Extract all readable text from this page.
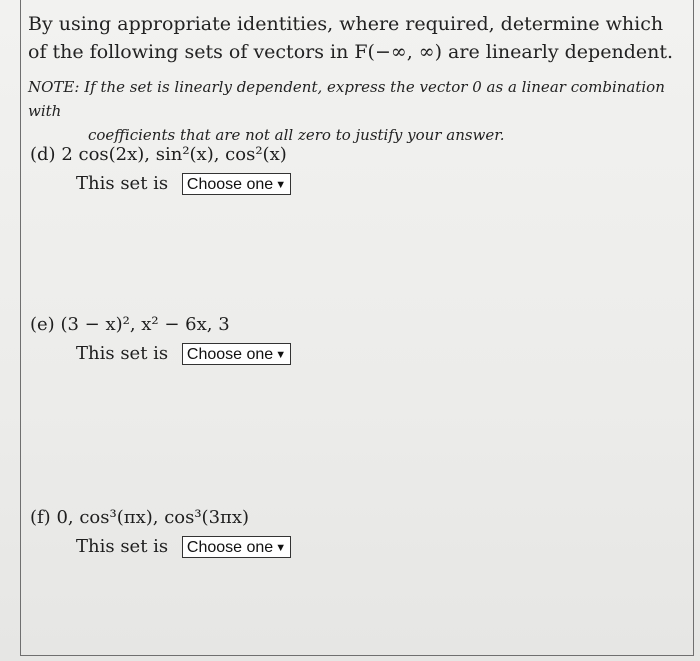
By using appropriate identities, where required, determine which of the following sets of vectors in F(−∞, ∞) are linearly dependent.
NOTE: If the set is linearly dependent, express the vector 0 as a linear combination with
coefficients that are not all zero to justify your answer.
(d) 2 cos(2x), sin²(x), cos²(x)
This set is Choose one ▼
(e) (3 − x)², x² − 6x, 3
This set is Choose one ▼
(f) 0, cos³(πx), cos³(3πx)
This set is Choose one ▼
